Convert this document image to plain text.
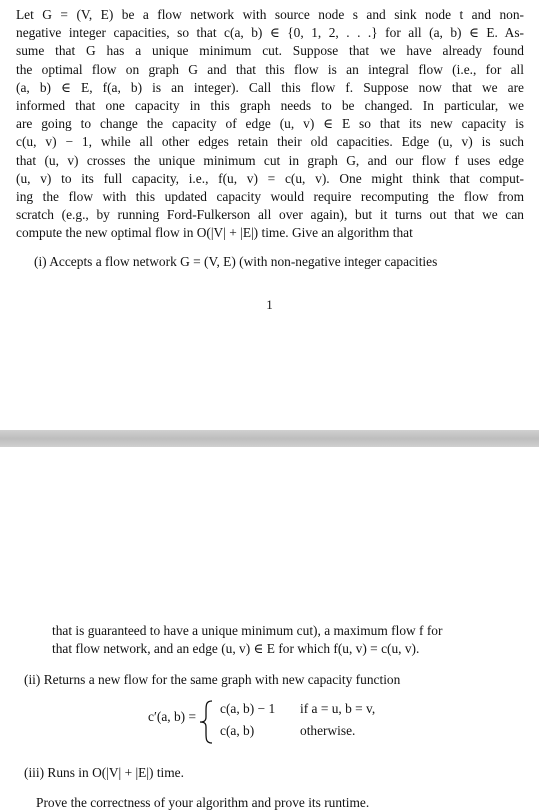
Let G = (V, E) be a flow network with source node s and sink node t and non-
negative integer capacities, so that c(a, b) ∈ {0, 1, 2, . . .} for all (a, b) ∈ E. As-
sume that G has a unique minimum cut. Suppose that we have already found
the optimal flow on graph G and that this flow is an integral flow (i.e., for all
(a, b) ∈ E, f(a, b) is an integer). Call this flow f. Suppose now that we are
informed that one capacity in this graph needs to be changed. In particular, we
are going to change the capacity of edge (u, v) ∈ E so that its new capacity is
c(u, v) − 1, while all other edges retain their old capacities. Edge (u, v) is such
that (u, v) crosses the unique minimum cut in graph G, and our flow f uses edge
(u, v) to its full capacity, i.e., f(u, v) = c(u, v). One might think that comput-
ing the flow with this updated capacity would require recomputing the flow from
scratch (e.g., by running Ford-Fulkerson all over again), but it turns out that we can
compute the new optimal flow in O(|V| + |E|) time. Give an algorithm that
(i) Accepts a flow network G = (V, E) (with non-negative integer capacities
1
that is guaranteed to have a unique minimum cut), a maximum flow f for
that flow network, and an edge (u, v) ∈ E for which f(u, v) = c(u, v).
(ii) Returns a new flow for the same graph with new capacity function
c′(a, b) =
c(a, b) − 1 if a = u, b = v,
c(a, b)	otherwise.
(iii) Runs in O(|V| + |E|) time.
Prove the correctness of your algorithm and prove its runtime.
